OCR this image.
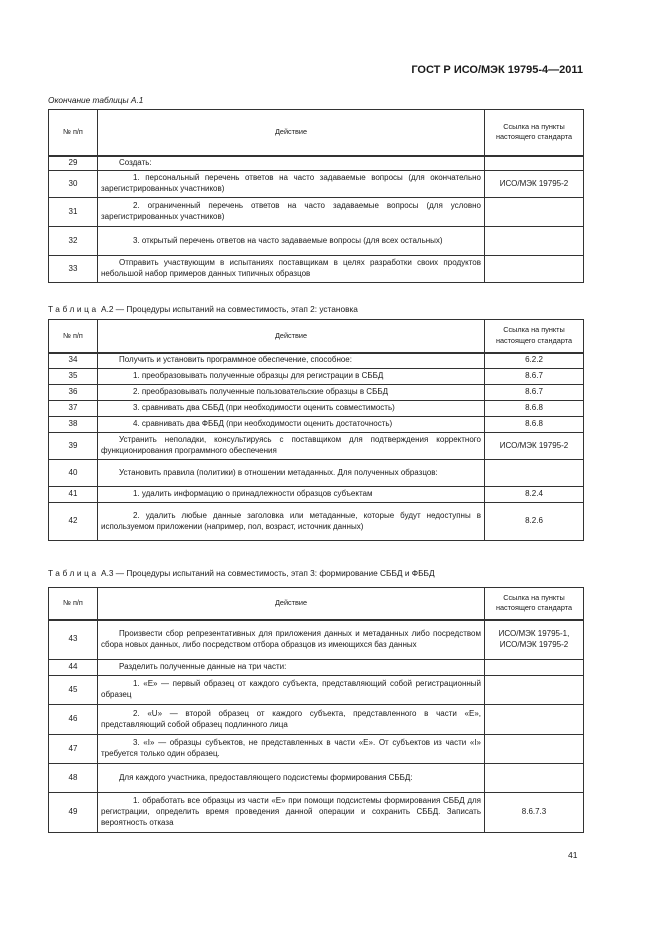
ГОСТ Р ИСО/МЭК 19795-4—2011
Окончание таблицы А.1
№ п/п	Действие	Ссылка на пункты настоящего стандарта
29	Создать:	
30	1. персональный перечень ответов на часто задаваемые вопросы (для окончательно зарегистрированных участников)	ИСО/МЭК 19795-2
31	2. ограниченный перечень ответов на часто задаваемые вопросы (для условно зарегистрированных участников)	
32	3. открытый перечень ответов на часто задаваемые вопросы (для всех остальных)	
33	Отправить участвующим в испытаниях поставщикам в целях разработки своих продуктов небольшой набор примеров данных типичных образцов	
Таблица А.2 — Процедуры испытаний на совместимость, этап 2: установка
№ п/п	Действие	Ссылка на пункты настоящего стандарта
34	Получить и установить программное обеспечение, способное:	6.2.2
35	1. преобразовывать полученные образцы для регистрации в СББД	8.6.7
36	2. преобразовывать полученные пользовательские образцы в СББД	8.6.7
37	3. сравнивать два СББД (при необходимости оценить совместимость)	8.6.8
38	4. сравнивать два ФББД (при необходимости оценить достаточность)	8.6.8
39	Устранить неполадки, консультируясь с поставщиком для подтверждения корректного функционирования программного обеспечения	ИСО/МЭК 19795-2
40	Установить правила (политики) в отношении метаданных. Для полученных образцов:	
41	1. удалить информацию о принадлежности образцов субъектам	8.2.4
42	2. удалить любые данные заголовка или метаданные, которые будут недоступны в используемом приложении (например, пол, возраст, источник данных)	8.2.6
Таблица А.3 — Процедуры испытаний на совместимость, этап 3: формирование СББД и ФББД
№ п/п	Действие	Ссылка на пункты настоящего стандарта
43	Произвести сбор репрезентативных для приложения данных и метаданных либо посредством сбора новых данных, либо посредством отбора образцов из имеющихся баз данных	ИСО/МЭК 19795-1, ИСО/МЭК 19795-2
44	Разделить полученные данные на три части:	
45	1. «E» — первый образец от каждого субъекта, представляющий собой регистрационный образец	
46	2. «U» — второй образец от каждого субъекта, представленного в части «E», представляющий собой образец подлинного лица	
47	3. «I» — образцы субъектов, не представленных в части «E». От субъектов из части «I» требуется только один образец.	
48	Для каждого участника, предоставляющего подсистемы формирования СББД:	
49	1. обработать все образцы из части «E» при помощи подсистемы формирования СББД для регистрации, определить время проведения данной операции и сохранить СББД. Записать вероятность отказа	8.6.7.3
41
